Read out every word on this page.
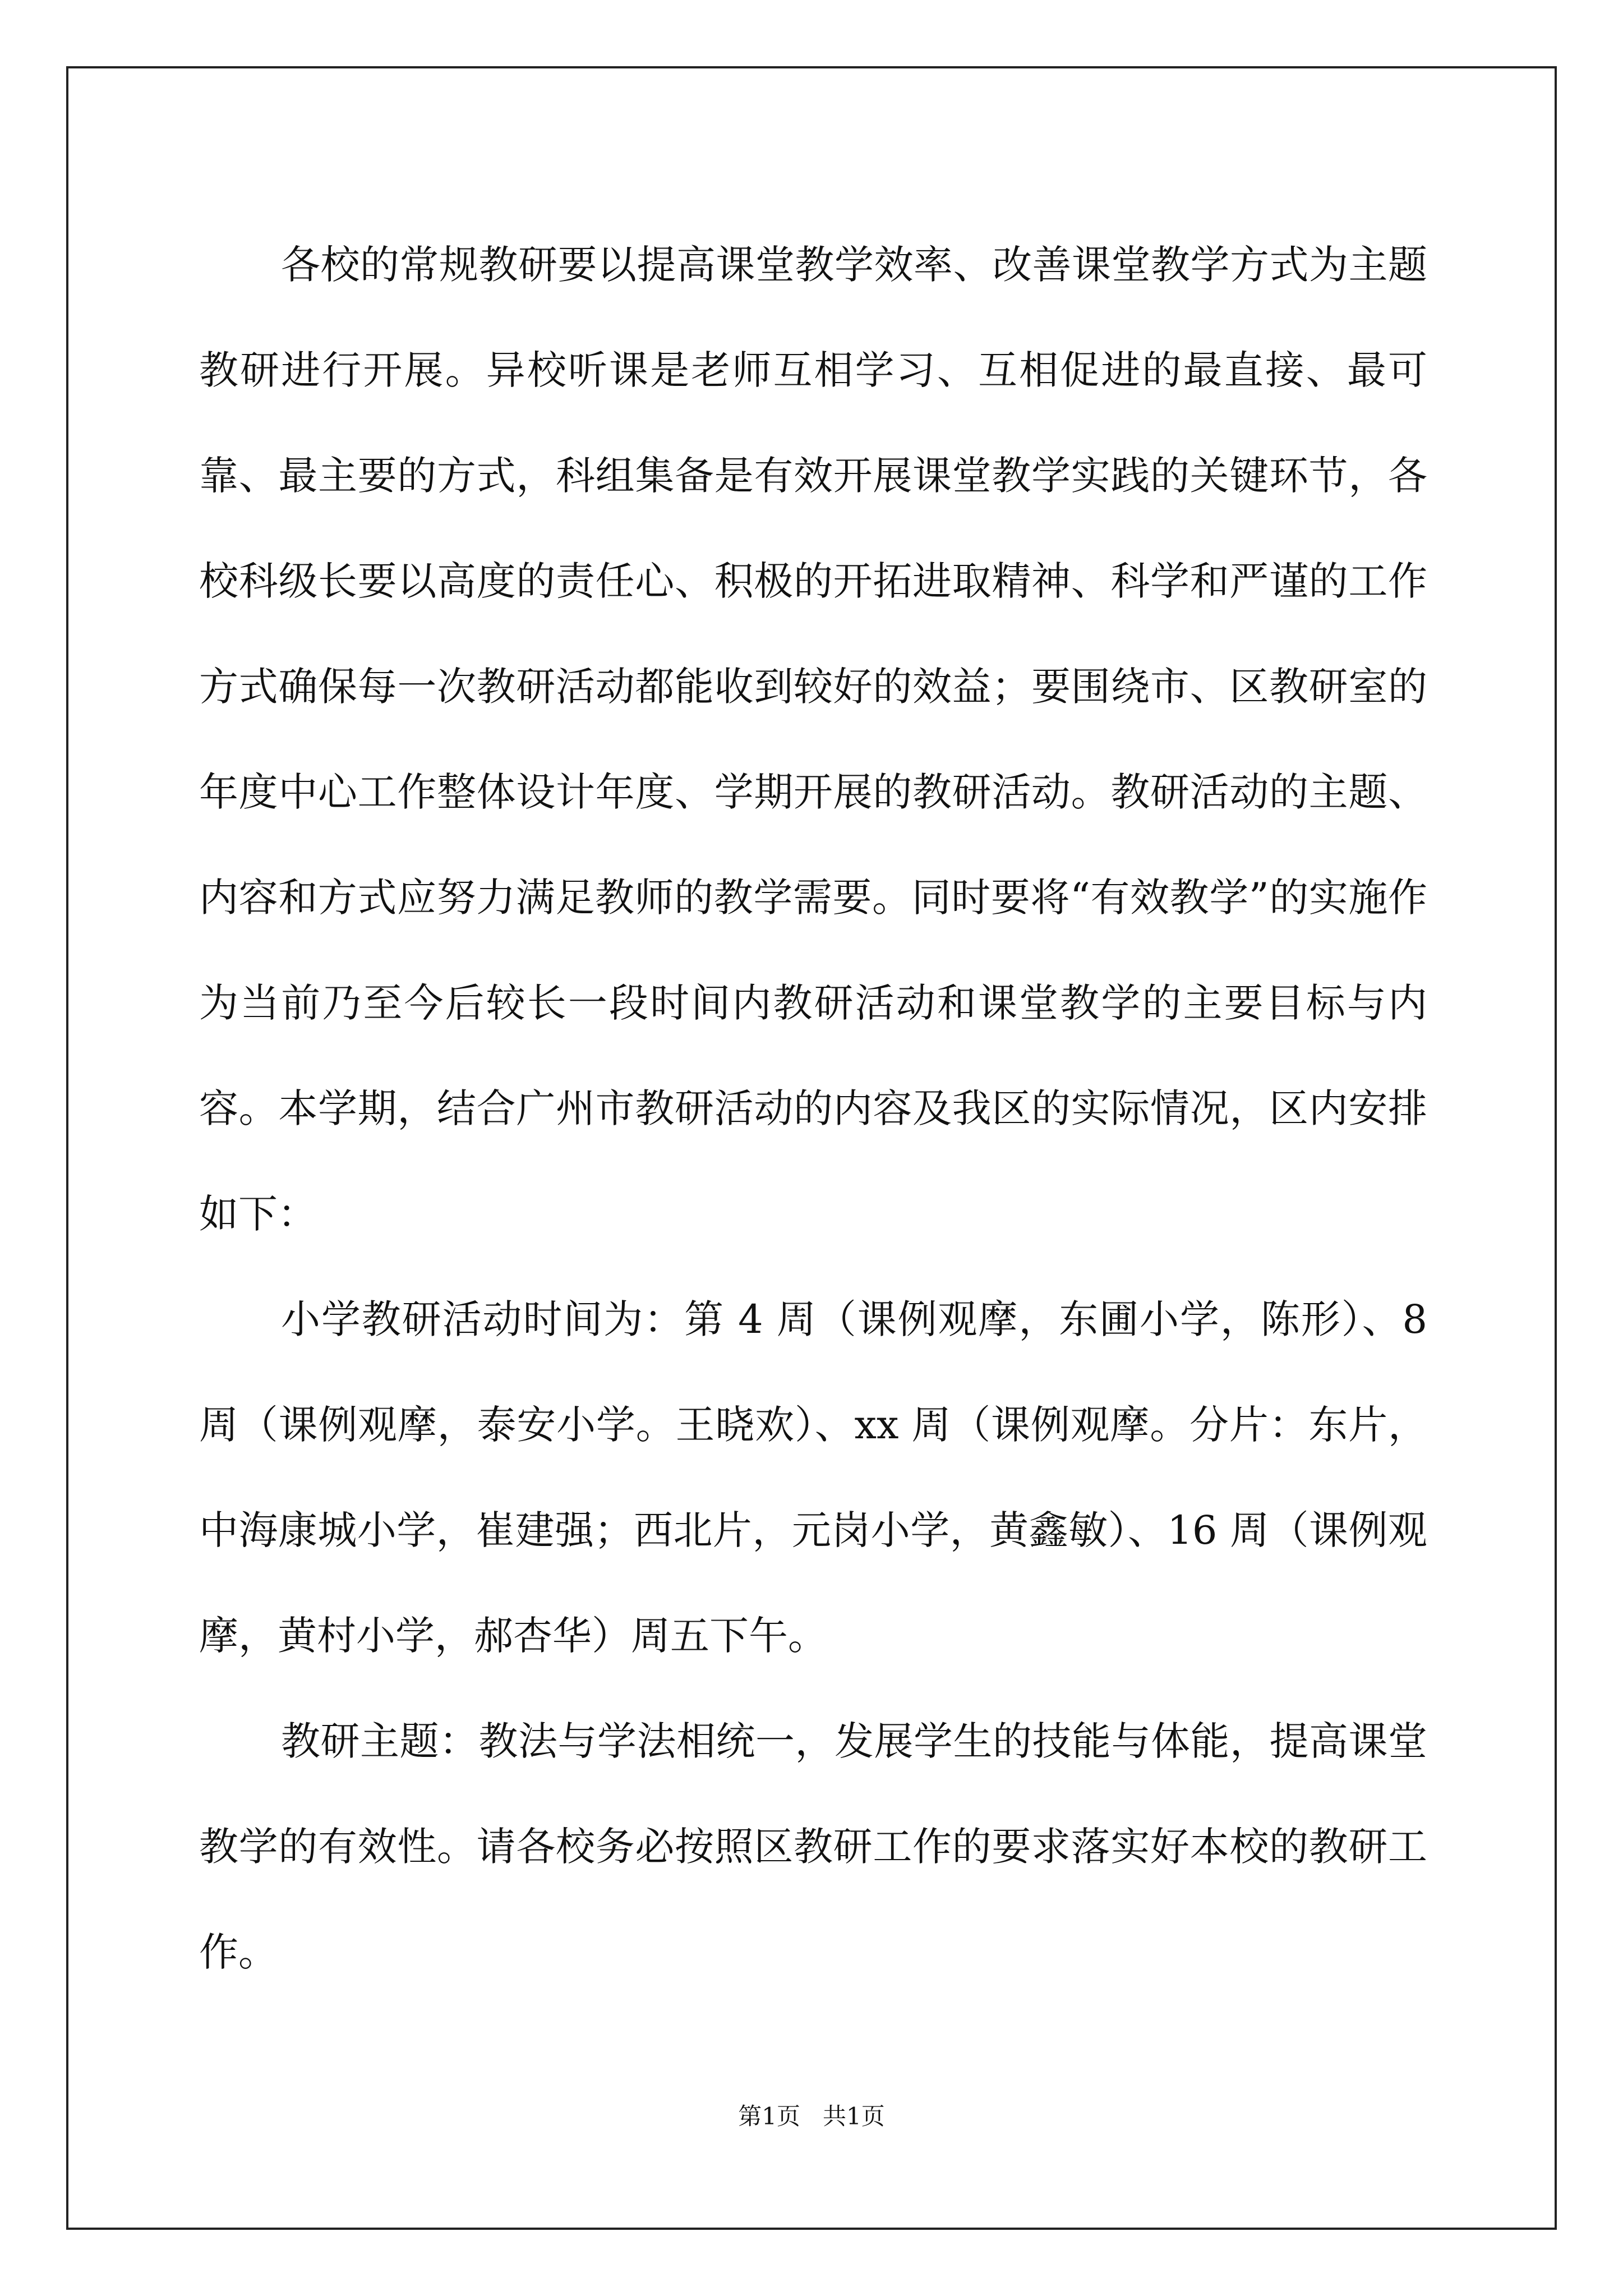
各校的常规教研要以提高课堂教学效率、改善课堂教学方式为主题教研进行开展。异校听课是老师互相学习、互相促进的最直接、最可靠、最主要的方式，科组集备是有效开展课堂教学实践的关键环节，各校科级长要以高度的责任心、积极的开拓进取精神、科学和严谨的工作方式确保每一次教研活动都能收到较好的效益；要围绕市、区教研室的年度中心工作整体设计年度、学期开展的教研活动。教研活动的主题、内容和方式应努力满足教师的教学需要。同时要将“有效教学”的实施作为当前乃至今后较长一段时间内教研活动和课堂教学的主要目标与内容。本学期，结合广州市教研活动的内容及我区的实际情况，区内安排如下：

小学教研活动时间为：第 4 周（课例观摩，东圃小学，陈形）、8 周（课例观摩，泰安小学。王晓欢）、xx 周（课例观摩。分片：东片，中海康城小学，崔建强；西北片，元岗小学，黄鑫敏）、16 周（课例观摩，黄村小学，郝杏华）周五下午。

教研主题：教法与学法相统一，发展学生的技能与体能，提高课堂教学的有效性。请各校务必按照区教研工作的要求落实好本校的教研工作。

第1页   共1页
